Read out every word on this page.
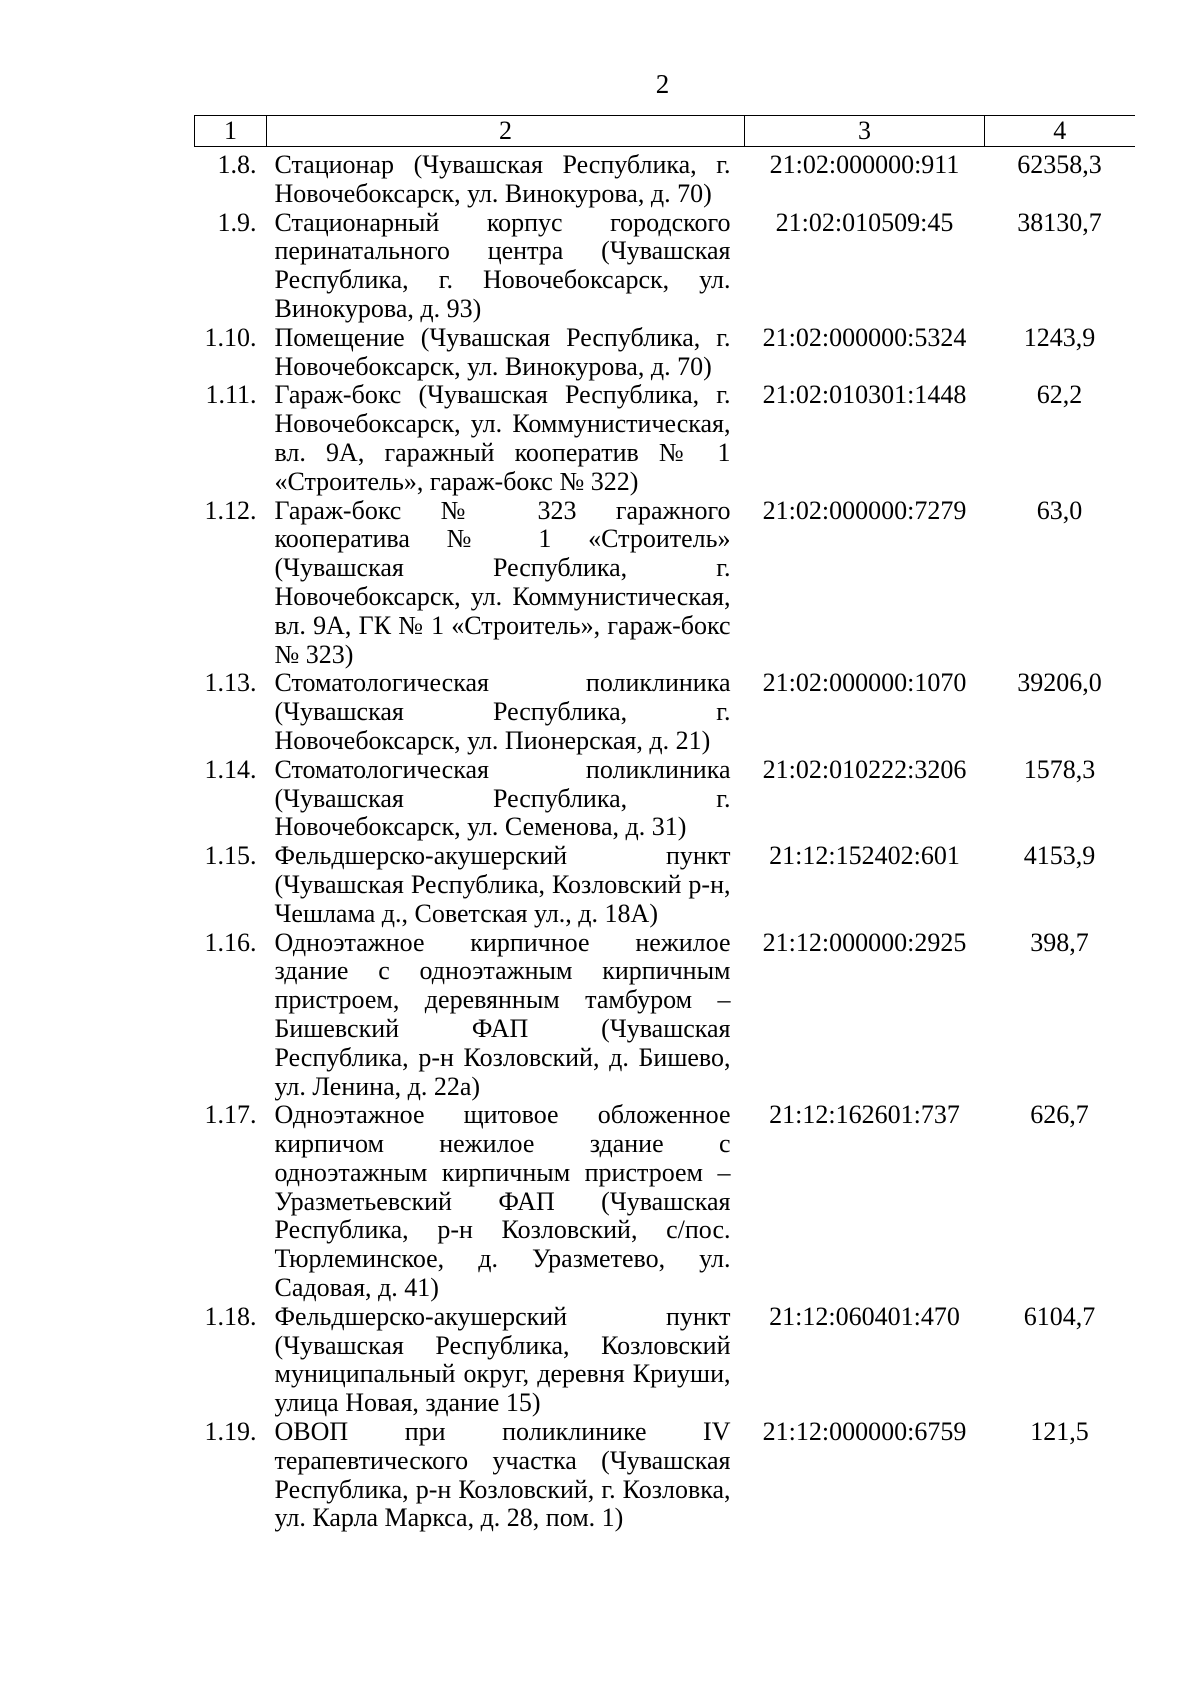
2
1	2	3	4
1.8.	Стационар (Чувашская Республика, г. Новочебоксарск, ул. Винокурова, д. 70)	21:02:000000:911	62358,3
1.9.	Стационарный корпус городского перинатального центра (Чувашская Республика, г. Новочебоксарск, ул. Винокурова, д. 93)	21:02:010509:45	38130,7
1.10.	Помещение (Чувашская Республика, г. Новочебоксарск, ул. Винокурова, д. 70)	21:02:000000:5324	1243,9
1.11.	Гараж-бокс (Чувашская Республика, г. Новочебоксарск, ул. Коммунистическая, вл. 9А, гаражный кооператив № 1 «Строитель», гараж-бокс № 322)	21:02:010301:1448	62,2
1.12.	Гараж-бокс № 323 гаражного кооператива № 1 «Строитель» (Чувашская Республика, г. Новочебоксарск, ул. Коммунистическая, вл. 9А, ГК № 1 «Строитель», гараж-бокс № 323)	21:02:000000:7279	63,0
1.13.	Стоматологическая поликлиника (Чувашская Республика, г. Новочебоксарск, ул. Пионерская, д. 21)	21:02:000000:1070	39206,0
1.14.	Стоматологическая поликлиника (Чувашская Республика, г. Новочебоксарск, ул. Семенова, д. 31)	21:02:010222:3206	1578,3
1.15.	Фельдшерско-акушерский пункт (Чувашская Республика, Козловский р-н, Чешлама д., Советская ул., д. 18А)	21:12:152402:601	4153,9
1.16.	Одноэтажное кирпичное нежилое здание с одноэтажным кирпичным пристроем, деревянным тамбуром – Бишевский ФАП (Чувашская Республика, р-н Козловский, д. Бишево, ул. Ленина, д. 22а)	21:12:000000:2925	398,7
1.17.	Одноэтажное щитовое обложенное кирпичом нежилое здание с одноэтажным кирпичным пристроем – Уразметьевский ФАП (Чувашская Республика, р-н Козловский, с/пос. Тюрлеминское, д. Уразметево, ул. Садовая, д. 41)	21:12:162601:737	626,7
1.18.	Фельдшерско-акушерский пункт (Чувашская Республика, Козловский муниципальный округ, деревня Криуши, улица Новая, здание 15)	21:12:060401:470	6104,7
1.19.	ОВОП при поликлинике IV терапевтического участка (Чувашская Республика, р-н Козловский, г. Козловка, ул. Карла Маркса, д. 28, пом. 1)	21:12:000000:6759	121,5
